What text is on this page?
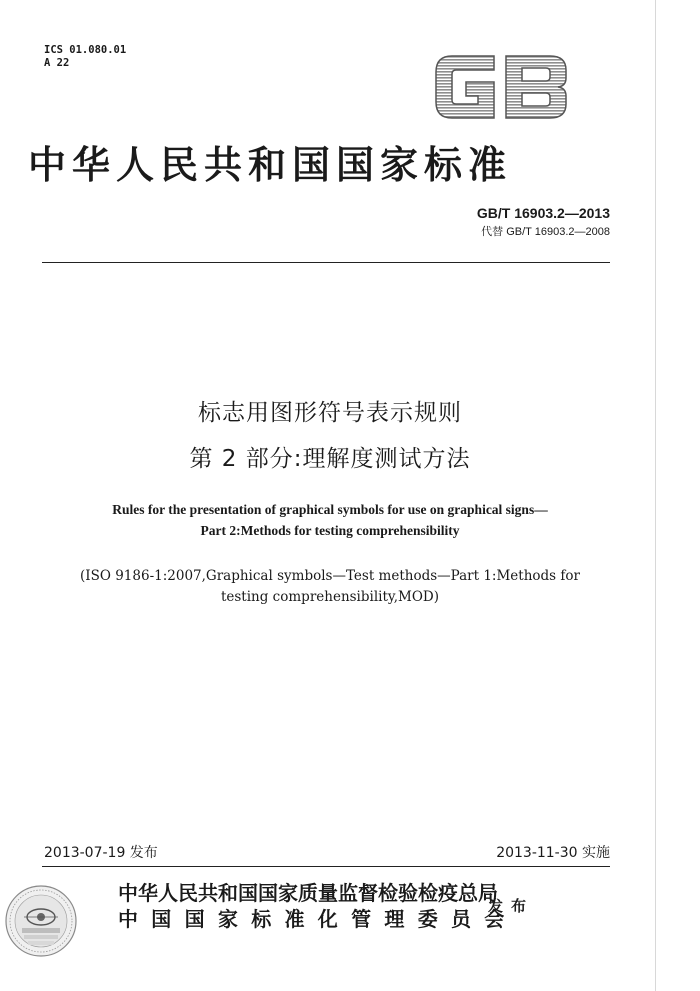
ICS 01.080.01
A 22
GB
中华人民共和国国家标准
GB/T 16903.2—2013
代替 GB/T 16903.2—2008
标志用图形符号表示规则
第 2 部分:理解度测试方法
Rules for the presentation of graphical symbols for use on graphical signs—
Part 2:Methods for testing comprehensibility
(ISO 9186-1:2007,Graphical symbols—Test methods—Part 1:Methods for
testing comprehensibility,MOD)
2013-07-19 发布	2013-11-30 实施
中华人民共和国国家质量监督检验检疫总局
中国国家标准化管理委员会
发布
